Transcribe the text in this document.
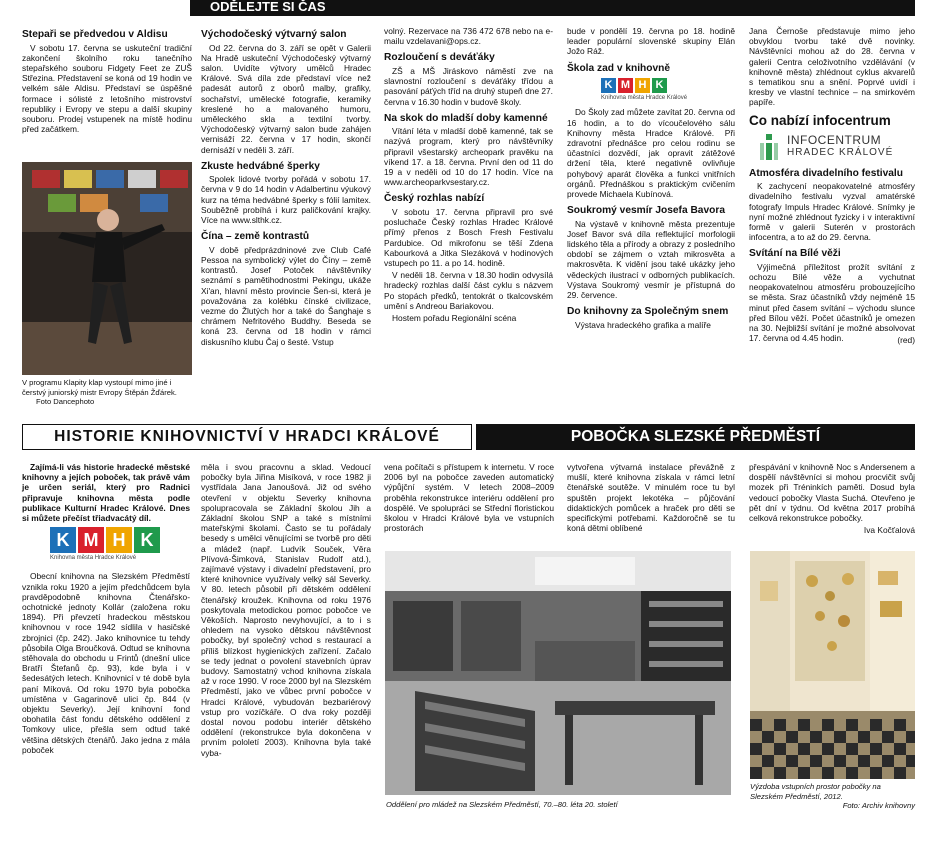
ODĚLEJTE SI ČAS
Stepaři se předvedou v Aldisu

V sobotu 17. června se uskuteční tradiční zakončení školního roku tanečního stepařského souboru Fidgety Feet ze ZUŠ Střezina. Představení se koná od 19 hodin ve velkém sále Aldisu. Představí se úspěšné formace i sólisté z letošního mistrovství republiky i Evropy ve stepu a další skupiny souboru. Prodej vstupenek na místě hodinu před začátkem.

V programu Klapity klap vystoupí mimo jiné i čerstvý juniorský mistr Evropy Štěpán Žďárek. Foto Dancephoto
Východočeský výtvarný salon

Od 22. června do 3. září se opět v Galerii Na Hradě uskuteční Východočeský výtvarný salon. Uvidíte výtvory umělců Hradec Králové. Svá díla zde představí více než padesát autorů z oborů malby, grafiky, sochařství, umělecké fotografie, keramiky kreslené ho a malovaného humoru, uměleckého skla a textilní tvorby. Východočeský výtvarný salon bude zahájen vernisáží 22. června v 17 hodin, skončí dernisáží v neděli 3. září.

Zkuste hedvábné šperky

Spolek lidové tvorby pořádá v sobotu 17. června v 9 do 14 hodin v Adalbertinu výukový kurz na téma hedvábné šperky s fólií lamitex. Souběžně probíhá i kurz paličkování krajky. Více na www.slthk.cz.

Čína – země kontrastů

V době předprázdninové zve Club Café Pessoa na symbolický výlet do Číny – země kontrastů. Josef Potoček návštěvníky seznámí s pamětihodnostmi Pekingu, ukáže Xi'an, hlavní město provincie Šen-si, která je považována za kolébku čínské civilizace, vezme do Žlutých hor a také do Šanghaje s chrámem Nefritového Buddhy. Beseda se koná 23. června od 18 hodin v rámci diskusního klubu Čaj o šesté. Vstup

volný. Rezervace na 736 472 678 nebo na e-mailu vzdelavani@ops.cz.

Rozloučení s deváťáky

ZŠ a MŠ Jiráskovo náměstí zve na slavnostní rozloučení s deváťáky třídou a pasování páťých tříd na druhý stupeň dne 27. června v 16.30 hodin v budově školy.

Na skok do mladší doby kamenné

Vítání léta v mladší době kamenné, tak se nazývá program, který pro návštěvníky připravil všestarský archeopark pravěku na víkend 17. a 18. června. První den od 11 do 19 a v neděli od 10 do 17 hodin. Více na www.archeoparkvsestary.cz.

Český rozhlas nabízí

V sobotu 17. června připravil pro své posluchače Český rozhlas Hradec Králové přímý přenos z Bosch Fresh Festivalu Pardubice. Od mikrofonu se těší Zdena Kabourková a Jitka Slezáková v hodinových vstupech po 11. a po 14. hodině.

V neděli 18. června v 18.30 hodin odvysílá hradecký rozhlas další část cyklu s názvem Po stopách předků, tentokrát o tkalcovském umění s Andreou Bariakovou.

Hostem pořadu Regionální scéna

bude v pondělí 19. června po 18. hodině leader populární slovenské skupiny Elán Jožo Ráž.

Škola zad v knihovně
K M H K
Knihovna města Hradce Králové

Do Školy zad můžete zavítat 20. června od 16 hodin, a to do vícoučelového sálu Knihovny města Hradce Králové. Při zdravotní přednášce pro celou rodinu se účastníci dozvědí, jak opravit zátěžové držení těla, které negativně ovlivňuje pohybový aparát člověka a funkci vnitřních orgánů. Přednáškou s praktickým cvičením provede Michaela Kubínová.

Soukromý vesmír Josefa Bavora

Na výstavě v knihovně města prezentuje Josef Bavor svá díla reflektující morfologii lidského těla a přírody a obrazy z posledního období se zájmem o vztah mikrosvěta a makrosvěta. K vidění jsou také ukázky jeho vědeckých ilustrací v odborných publikacích. Výstava Soukromý vesmír je přístupná do 29. července.

Do knihovny za Společným snem

Výstava hradeckého grafika a malíře

Jana Černoše představuje mimo jeho obvyklou tvorbu také dvě novinky. Návštěvníci mohou až do 28. června v galerii Centra celoživotního vzdělávání (v knihovně města) zhlédnout cyklus akvarelů s tematikou snu a snění. Poprvé uvidí i kresby ve vlastní technice – na smirkovém papíře.

Co nabízí infocentrum
INFOCENTRUM
HRADEC KRÁLOVÉ
Atmosféra divadelního festivalu

K zachycení neopakovatelné atmosféry divadelního festivalu vyzval amatérské fotografy Impuls Hradec Králové. Snímky je nyní možné zhlédnout fyzicky i v interaktivní formě v galerii Suterén v prostorách infocentra, a to až do 29. června.

Svítání na Bílé věži

Výjimečná příležitost prožít svítání z ochozu Bílé věže a vychutnat neopakovatelnou atmosféru probouzejícího se města. Sraz účastníků vždy nejméně 15 minut před časem svítání – východu slunce před Bílou věží. Počet účastníků je omezen na 30. Nejbližší svítání je možné absolvovat 17. června od 4.45 hodin.	(red)
HISTORIE KNIHOVNICTVÍ V HRADCI KRÁLOVÉ	POBOČKA SLEZSKÉ PŘEDMĚSTÍ

Zajímá-li vás historie hradecké městské knihovny a jejích poboček, tak právě vám je určen seriál, který pro Radnici připravuje knihovna města podle publikace Kulturní Hradec Králové. Dnes si můžete přečíst třiadvacátý díl.

K M H K
Knihovna města Hradce Králové

Obecní knihovna na Slezském Předměstí vznikla roku 1920 a jejím předchůdcem byla pravděpodobně knihovna Čtenářsko-ochotnické jednoty Kollár (založena roku 1894). Při převzetí hradeckou městskou knihovnou v roce 1942 sídlila v hasičské zbrojnici (čp. 242). Jako knihovnice tu tehdy působila Olga Broučková. Odtud se knihovna stěhovala do obchodu u Frintů (dnešní ulice Bratří Štefanů čp. 93), kde byla i v šedesátých letech. Knihovnicí v té době byla paní Míková. Od roku 1970 byla pobočka umístěna v Gagarinově ulici čp. 844 (v objektu Severky). Její knihovní fond obohatila část fondu dětského oddělení z Tomkovy ulice, přešla sem odtud také většina dětských čtenářů. Jako jedna z mála poboček

měla i svou pracovnu a sklad. Vedoucí pobočky byla Jiřina Misíková, v roce 1982 ji vystřídala Jana Janoušová. Již od svého otevření v objektu Severky knihovna spolupracovala se Základní školou Jih a Základní školou SNP a také s místními mateřskými školami. Často se tu pořádaly besedy s umělci věnujícími se tvorbě pro děti a mládež (např. Ludvík Souček, Věra Plívová-Šimková, Stanislav Rudolf atd.), zajímavé výstavy i divadelní představení, pro které knihovnice využívaly velký sál Severky. V 80. letech působil při dětském oddělení čtenářský kroužek. Knihovna od roku 1976 poskytovala metodickou pomoc pobočce ve Věkoších. Naprosto nevyhovující, a to i s ohledem na vysoko dětskou návštěvnost pobočky, byl společný vchod s restaurací a příliš blízkost hygienických zařízení. Začalo se tedy jednat o povolení stavebních úprav budovy. Samostatný vchod knihovna získala až v roce 1990. V roce 2000 byl na Slezském Předměstí, jako ve vůbec první pobočce v Hradci Králové, vybudován bezbariérový vstup pro vozíčkáře. O dva roky později dostal novou podobu interiér dětského oddělení (rekonstrukce byla dokončena v prvním pololetí 2003). Knihovna byla také vyba-

vena počítači s přístupem k internetu. V roce 2006 byl na pobočce zaveden automatický výpůjční systém. V letech 2008–2009 proběhla rekonstrukce interiéru oddělení pro dospělé. Ve spolupráci se Střední floristickou školou v Hradci Králové byla ve vstupních prostorách

vytvořena výtvarná instalace převážně z mušlí, které knihovna získala v rámci letní čtenářské soutěže. V minulém roce tu byl spuštěn projekt lekotéka – půjčování didaktických pomůcek a hraček pro děti se specifickými potřebami. Každoročně se tu koná dětmi oblíbené

přespávání v knihovně Noc s Andersenem a dospělí návštěvníci si mohou procvičit svůj mozek při Tréninkích paměti. Dosud byla vedoucí pobočky Vlasta Suchá. Otevřeno je pět dní v týdnu. Od května 2017 probíhá celková rekonstrukce pobočky.

Iva Kočťalová
Oddělení pro mládež na Slezském Předměstí, 70.–80. léta 20. století
Výzdoba vstupních prostor pobočky na Slezském Předměstí, 2012.
Foto: Archiv knihovny
